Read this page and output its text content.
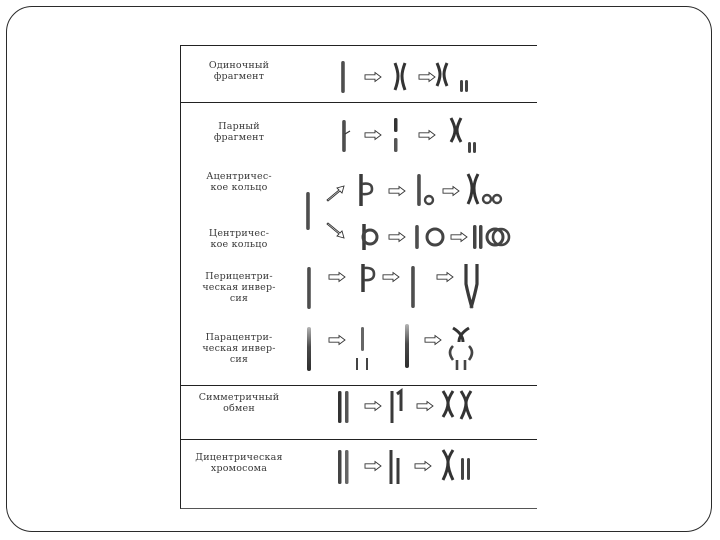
Одиночный
фрагмент
Парный
фрагмент
Ацентричес-
кое кольцо
Центричес-
кое кольцо
Перицентри-
ческая инвер-
сия
Парацентри-
ческая инвер-
сия
Симметричный
обмен
Дицентрическая
хромосома
